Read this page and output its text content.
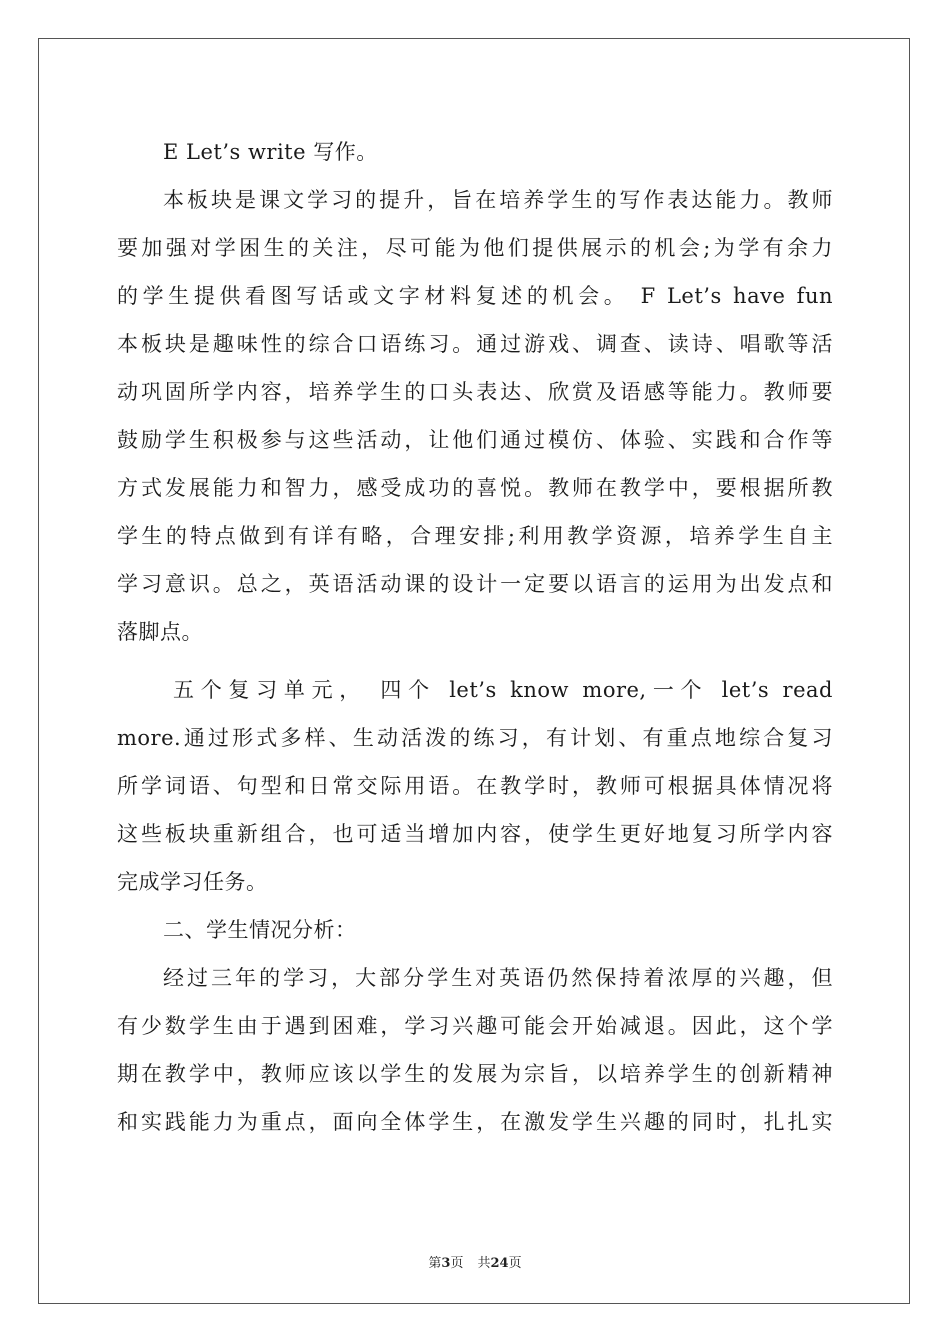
E Let’s write 写作。
本板块是课文学习的提升，旨在培养学生的写作表达能力。教师
要加强对学困生的关注，尽可能为他们提供展示的机会;为学有余力
的学生提供看图写话或文字材料复述的机会。 F Let’s have fun
本板块是趣味性的综合口语练习。通过游戏、调查、读诗、唱歌等活
动巩固所学内容，培养学生的口头表达、欣赏及语感等能力。教师要
鼓励学生积极参与这些活动，让他们通过模仿、体验、实践和合作等
方式发展能力和智力，感受成功的喜悦。教师在教学中，要根据所教
学生的特点做到有详有略，合理安排;利用教学资源，培养学生自主
学习意识。总之，英语活动课的设计一定要以语言的运用为出发点和
落脚点。
五个复习单元， 四个 let’s know more,一个 let’s read
more.通过形式多样、生动活泼的练习，有计划、有重点地综合复习
所学词语、句型和日常交际用语。在教学时，教师可根据具体情况将
这些板块重新组合，也可适当增加内容，使学生更好地复习所学内容
完成学习任务。
二、学生情况分析：
经过三年的学习，大部分学生对英语仍然保持着浓厚的兴趣，但
有少数学生由于遇到困难，学习兴趣可能会开始减退。因此，这个学
期在教学中，教师应该以学生的发展为宗旨，以培养学生的创新精神
和实践能力为重点，面向全体学生，在激发学生兴趣的同时，扎扎实
第3页 共24页
